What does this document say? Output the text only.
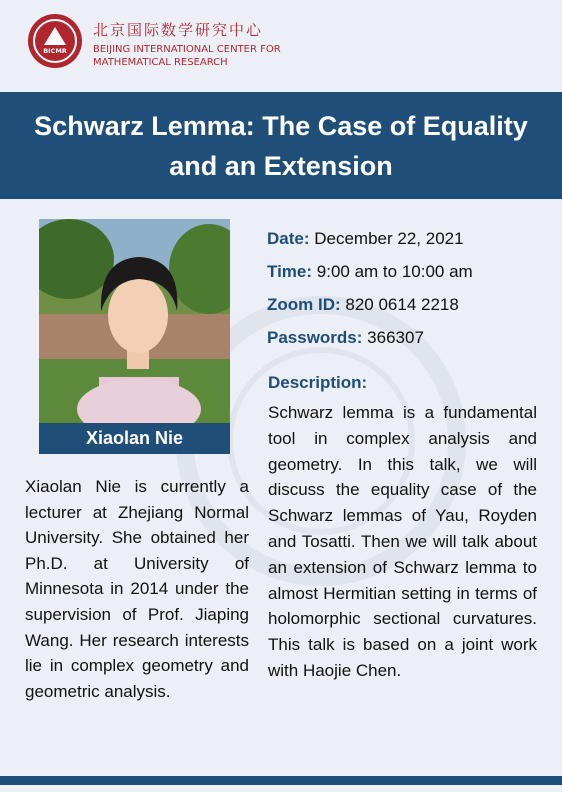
BICMR
北京国际数学研究中心
BEIJING INTERNATIONAL CENTER FOR
MATHEMATICAL RESEARCH
Schwarz Lemma: The Case of Equality and an Extension
Xiaolan Nie
Xiaolan Nie is currently a lecturer at Zhejiang Normal University. She obtained her Ph.D. at University of Minnesota in 2014 under the supervision of Prof. Jiaping Wang. Her research interests lie in complex geometry and geometric analysis.
Date: December 22, 2021
Time: 9:00 am to 10:00 am
Zoom ID: 820 0614 2218
Passwords: 366307
Description:
Schwarz lemma is a fundamental tool in complex analysis and geometry. In this talk, we will discuss the equality case of the Schwarz lemmas of Yau, Royden and Tosatti. Then we will talk about an extension of Schwarz lemma to almost Hermitian setting in terms of holomorphic sectional curvatures. This talk is based on a joint work with Haojie Chen.
